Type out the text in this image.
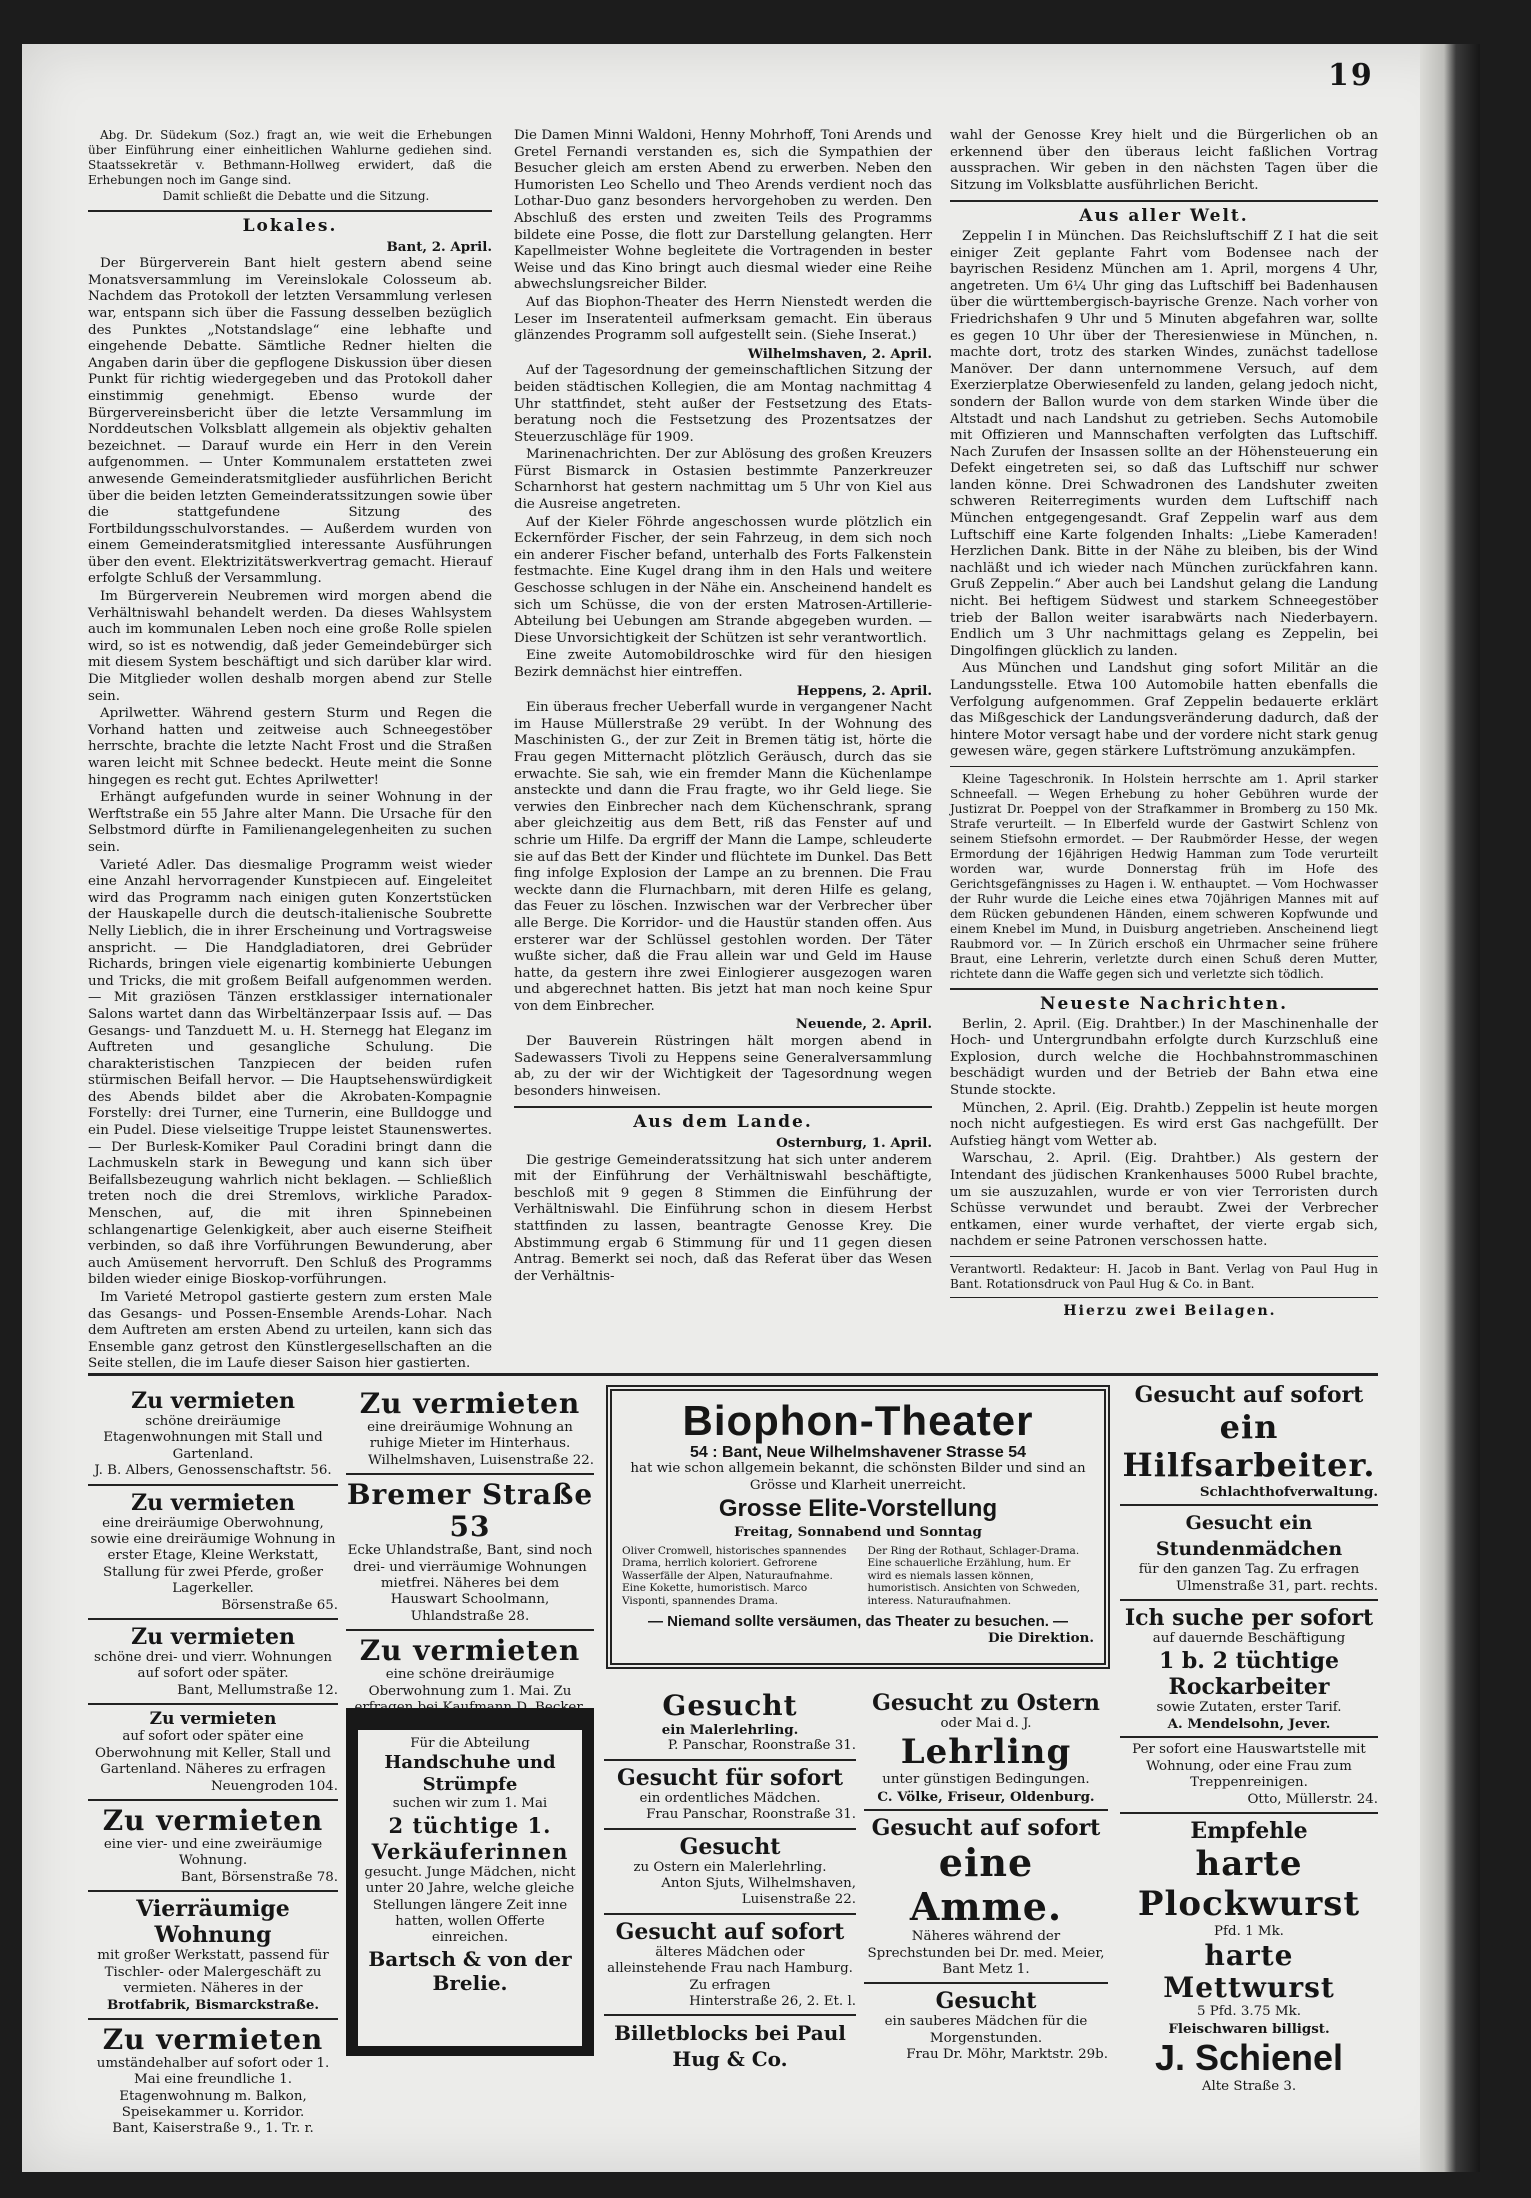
19

Abg. Dr. Südekum (Soz.) fragt an, wie weit die Erhebungen über Einführung einer einheitlichen Wahlurne gediehen sind. Staatssekretär v. Bethmann-Hollweg erwidert, daß die Erhebungen noch im Gange sind.

Damit schließt die Debatte und die Sitzung.

Lokales.

Bant, 2. April.

Der Bürgerverein Bant hielt gestern abend seine Monatsversammlung im Vereinslokale Colosseum ab. Nachdem das Protokoll der letzten Versammlung verlesen war, entspann sich über die Fassung desselben bezüglich des Punktes „Notstandslage“ eine lebhafte und eingehende Debatte. Sämtliche Redner hielten die Angaben darin über die gepflogene Diskussion über diesen Punkt für richtig wiedergegeben und das Protokoll daher einstimmig genehmigt. Ebenso wurde der Bürgervereinsbericht über die letzte Versammlung im Norddeutschen Volksblatt allgemein als objektiv gehalten bezeichnet. — Darauf wurde ein Herr in den Verein aufgenommen. — Unter Kommunalem erstatteten zwei anwesende Gemeinderatsmitglieder ausführlichen Bericht über die beiden letzten Gemeinderatssitzungen sowie über die stattgefundene Sitzung des Fortbildungsschulvorstandes. — Außerdem wurden von einem Gemeinderatsmitglied interessante Ausführungen über den event. Elektrizitätswerkvertrag gemacht. Hierauf erfolgte Schluß der Versammlung.

Im Bürgerverein Neubremen wird morgen abend die Verhältniswahl behandelt werden. Da dieses Wahlsystem auch im kommunalen Leben noch eine große Rolle spielen wird, so ist es notwendig, daß jeder Gemeindebürger sich mit diesem System beschäftigt und sich darüber klar wird. Die Mitglieder wollen deshalb morgen abend zur Stelle sein.

Aprilwetter. Während gestern Sturm und Regen die Vorhand hatten und zeitweise auch Schneegestöber herrschte, brachte die letzte Nacht Frost und die Straßen waren leicht mit Schnee bedeckt. Heute meint die Sonne hingegen es recht gut. Echtes Aprilwetter!

Erhängt aufgefunden wurde in seiner Wohnung in der Werftstraße ein 55 Jahre alter Mann. Die Ursache für den Selbstmord dürfte in Familienangelegenheiten zu suchen sein.

Varieté Adler. Das diesmalige Programm weist wieder eine Anzahl hervorragender Kunstpiecen auf. Eingeleitet wird das Programm nach einigen guten Konzertstücken der Hauskapelle durch die deutsch-italienische Soubrette Nelly Lieblich, die in ihrer Erscheinung und Vortragsweise anspricht. — Die Handgladiatoren, drei Gebrüder Richards, bringen viele eigenartig kombinierte Uebungen und Tricks, die mit großem Beifall aufgenommen werden. — Mit graziösen Tänzen erstklassiger internationaler Salons wartet dann das Wirbeltänzerpaar Issis auf. — Das Gesangs- und Tanzduett M. u. H. Sternegg hat Eleganz im Auftreten und gesangliche Schulung. Die charakteristischen Tanzpiecen der beiden rufen stürmischen Beifall hervor. — Die Hauptsehenswürdigkeit des Abends bildet aber die Akrobaten-Kompagnie Forstelly: drei Turner, eine Turnerin, eine Bulldogge und ein Pudel. Diese vielseitige Truppe leistet Staunenswertes. — Der Burlesk-Komiker Paul Coradini bringt dann die Lachmuskeln stark in Bewegung und kann sich über Beifallsbezeugung wahrlich nicht beklagen. — Schließlich treten noch die drei Stremlovs, wirkliche Paradox-Menschen, auf, die mit ihren Spinnebeinen schlangenartige Gelenkigkeit, aber auch eiserne Steifheit verbinden, so daß ihre Vorführungen Bewunderung, aber auch Amüsement hervorruft. Den Schluß des Programms bilden wieder einige Bioskop-vorführungen.

Im Varieté Metropol gastierte gestern zum ersten Male das Gesangs- und Possen-Ensemble Arends-Lohar. Nach dem Auftreten am ersten Abend zu urteilen, kann sich das Ensemble ganz getrost den Künstlergesellschaften an die Seite stellen, die im Laufe dieser Saison hier gastierten.

Die Damen Minni Waldoni, Henny Mohrhoff, Toni Arends und Gretel Fernandi verstanden es, sich die Sympathien der Besucher gleich am ersten Abend zu erwerben. Neben den Humoristen Leo Schello und Theo Arends verdient noch das Lothar-Duo ganz besonders hervorgehoben zu werden. Den Abschluß des ersten und zweiten Teils des Programms bildete eine Posse, die flott zur Darstellung gelangten. Herr Kapellmeister Wohne begleitete die Vortragenden in bester Weise und das Kino bringt auch diesmal wieder eine Reihe abwechslungsreicher Bilder.

Auf das Biophon-Theater des Herrn Nienstedt werden die Leser im Inseratenteil aufmerksam gemacht. Ein überaus glänzendes Programm soll aufgestellt sein. (Siehe Inserat.)

Wilhelmshaven, 2. April.

Auf der Tagesordnung der gemeinschaftlichen Sitzung der beiden städtischen Kollegien, die am Montag nachmittag 4 Uhr stattfindet, steht außer der Festsetzung des Etats-beratung noch die Festsetzung des Prozentsatzes der Steuerzuschläge für 1909.

Marinenachrichten. Der zur Ablösung des großen Kreuzers Fürst Bismarck in Ostasien bestimmte Panzerkreuzer Scharnhorst hat gestern nachmittag um 5 Uhr von Kiel aus die Ausreise angetreten.

Auf der Kieler Föhrde angeschossen wurde plötzlich ein Eckernförder Fischer, der sein Fahrzeug, in dem sich noch ein anderer Fischer befand, unterhalb des Forts Falkenstein festmachte. Eine Kugel drang ihm in den Hals und weitere Geschosse schlugen in der Nähe ein. Anscheinend handelt es sich um Schüsse, die von der ersten Matrosen-Artillerie-Abteilung bei Uebungen am Strande abgegeben wurden. — Diese Unvorsichtigkeit der Schützen ist sehr verantwortlich.

Eine zweite Automobildroschke wird für den hiesigen Bezirk demnächst hier eintreffen.

Heppens, 2. April.

Ein überaus frecher Ueberfall wurde in vergangener Nacht im Hause Müllerstraße 29 verübt. In der Wohnung des Maschinisten G., der zur Zeit in Bremen tätig ist, hörte die Frau gegen Mitternacht plötzlich Geräusch, durch das sie erwachte. Sie sah, wie ein fremder Mann die Küchenlampe ansteckte und dann die Frau fragte, wo ihr Geld liege. Sie verwies den Einbrecher nach dem Küchenschrank, sprang aber gleichzeitig aus dem Bett, riß das Fenster auf und schrie um Hilfe. Da ergriff der Mann die Lampe, schleuderte sie auf das Bett der Kinder und flüchtete im Dunkel. Das Bett fing infolge Explosion der Lampe an zu brennen. Die Frau weckte dann die Flurnachbarn, mit deren Hilfe es gelang, das Feuer zu löschen. Inzwischen war der Verbrecher über alle Berge. Die Korridor- und die Haustür standen offen. Aus ersterer war der Schlüssel gestohlen worden. Der Täter wußte sicher, daß die Frau allein war und Geld im Hause hatte, da gestern ihre zwei Einlogierer ausgezogen waren und abgerechnet hatten. Bis jetzt hat man noch keine Spur von dem Einbrecher.

Neuende, 2. April.

Der Bauverein Rüstringen hält morgen abend in Sadewassers Tivoli zu Heppens seine Generalversammlung ab, zu der wir der Wichtigkeit der Tagesordnung wegen besonders hinweisen.

Aus dem Lande.

Osternburg, 1. April.

Die gestrige Gemeinderatssitzung hat sich unter anderem mit der Einführung der Verhältniswahl beschäftigte, beschloß mit 9 gegen 8 Stimmen die Einführung der Verhältniswahl. Die Einführung schon in diesem Herbst stattfinden zu lassen, beantragte Genosse Krey. Die Abstimmung ergab 6 Stimmung für und 11 gegen diesen Antrag. Bemerkt sei noch, daß das Referat über das Wesen der Verhältnis-

wahl der Genosse Krey hielt und die Bürgerlichen ob an erkennend über den überaus leicht faßlichen Vortrag aussprachen. Wir geben in den nächsten Tagen über die Sitzung im Volksblatte ausführlichen Bericht.

Aus aller Welt.

Zeppelin I in München. Das Reichsluftschiff Z I hat die seit einiger Zeit geplante Fahrt vom Bodensee nach der bayrischen Residenz München am 1. April, morgens 4 Uhr, angetreten. Um 6¼ Uhr ging das Luftschiff bei Badenhausen über die württembergisch-bayrische Grenze. Nach vorher von Friedrichshafen 9 Uhr und 5 Minuten abgefahren war, sollte es gegen 10 Uhr über der Theresienwiese in München, n. machte dort, trotz des starken Windes, zunächst tadellose Manöver. Der dann unternommene Versuch, auf dem Exerzierplatze Oberwiesenfeld zu landen, gelang jedoch nicht, sondern der Ballon wurde von dem starken Winde über die Altstadt und nach Landshut zu getrieben. Sechs Automobile mit Offizieren und Mannschaften verfolgten das Luftschiff. Nach Zurufen der Insassen sollte an der Höhensteuerung ein Defekt eingetreten sei, so daß das Luftschiff nur schwer landen könne. Drei Schwadronen des Landshuter zweiten schweren Reiterregiments wurden dem Luftschiff nach München entgegengesandt. Graf Zeppelin warf aus dem Luftschiff eine Karte folgenden Inhalts: „Liebe Kameraden! Herzlichen Dank. Bitte in der Nähe zu bleiben, bis der Wind nachläßt und ich wieder nach München zurückfahren kann. Gruß Zeppelin.“ Aber auch bei Landshut gelang die Landung nicht. Bei heftigem Südwest und starkem Schneegestöber trieb der Ballon weiter isarabwärts nach Niederbayern. Endlich um 3 Uhr nachmittags gelang es Zeppelin, bei Dingolfingen glücklich zu landen.

Aus München und Landshut ging sofort Militär an die Landungsstelle. Etwa 100 Automobile hatten ebenfalls die Verfolgung aufgenommen. Graf Zeppelin bedauerte erklärt das Mißgeschick der Landungsveränderung dadurch, daß der hintere Motor versagt habe und der vordere nicht stark genug gewesen wäre, gegen stärkere Luftströmung anzukämpfen.

Kleine Tageschronik. In Holstein herrschte am 1. April starker Schneefall. — Wegen Erhebung zu hoher Gebühren wurde der Justizrat Dr. Poeppel von der Strafkammer in Bromberg zu 150 Mk. Strafe verurteilt. — In Elberfeld wurde der Gastwirt Schlenz von seinem Stiefsohn ermordet. — Der Raubmörder Hesse, der wegen Ermordung der 16jährigen Hedwig Hamman zum Tode verurteilt worden war, wurde Donnerstag früh im Hofe des Gerichtsgefängnisses zu Hagen i. W. enthauptet. — Vom Hochwasser der Ruhr wurde die Leiche eines etwa 70jährigen Mannes mit auf dem Rücken gebundenen Händen, einem schweren Kopfwunde und einem Knebel im Mund, in Duisburg angetrieben. Anscheinend liegt Raubmord vor. — In Zürich erschoß ein Uhrmacher seine frühere Braut, eine Lehrerin, verletzte durch einen Schuß deren Mutter, richtete dann die Waffe gegen sich und verletzte sich tödlich.

Neueste Nachrichten.

Berlin, 2. April. (Eig. Drahtber.) In der Maschinenhalle der Hoch- und Untergrundbahn erfolgte durch Kurzschluß eine Explosion, durch welche die Hochbahnstrommaschinen beschädigt wurden und der Betrieb der Bahn etwa eine Stunde stockte.

München, 2. April. (Eig. Drahtb.) Zeppelin ist heute morgen noch nicht aufgestiegen. Es wird erst Gas nachgefüllt. Der Aufstieg hängt vom Wetter ab.

Warschau, 2. April. (Eig. Drahtber.) Als gestern der Intendant des jüdischen Krankenhauses 5000 Rubel brachte, um sie auszuzahlen, wurde er von vier Terroristen durch Schüsse verwundet und beraubt. Zwei der Verbrecher entkamen, einer wurde verhaftet, der vierte ergab sich, nachdem er seine Patronen verschossen hatte.

Verantwortl. Redakteur: H. Jacob in Bant. Verlag von Paul Hug in Bant. Rotationsdruck von Paul Hug & Co. in Bant.

Hierzu zwei Beilagen.

Zu vermieten
schöne dreiräumige Etagenwohnungen mit Stall und Gartenland.
J. B. Albers, Genossenschaftstr. 56.
Zu vermieten
eine dreiräumige Oberwohnung, sowie eine dreiräumige Wohnung in erster Etage, Kleine Werkstatt, Stallung für zwei Pferde, großer Lagerkeller.
Börsenstraße 65.
Zu vermieten
schöne drei- und vierr. Wohnungen auf sofort oder später.
Bant, Mellumstraße 12.
Zu vermieten
auf sofort oder später eine Oberwohnung mit Keller, Stall und Gartenland. Näheres zu erfragen
Neuengroden 104.
Zu vermieten
eine vier- und eine zweiräumige Wohnung.
Bant, Börsenstraße 78.
Vierräumige Wohnung
mit großer Werkstatt, passend für Tischler- oder Malergeschäft zu vermieten. Näheres in der
Brotfabrik, Bismarckstraße.
Zu vermieten
umständehalber auf sofort oder 1. Mai eine freundliche 1. Etagenwohnung m. Balkon, Speisekammer u. Korridor.
Bant, Kaiserstraße 9., 1. Tr. r.
Zu vermieten
eine dreiräumige Wohnung an ruhige Mieter im Hinterhaus.
Wilhelmshaven, Luisenstraße 22.
Bremer Straße 53
Ecke Uhlandstraße, Bant, sind noch drei- und vierräumige Wohnungen mietfrei. Näheres bei dem Hauswart Schoolmann, Uhlandstraße 28.
Zu vermieten
eine schöne dreiräumige Oberwohnung zum 1. Mai. Zu
Für die Abteilung
Handschuhe und Strümpfe
suchen wir zum 1. Mai
2 tüchtige 1. Verkäuferinnen
gesucht. Junge Mädchen, nicht unter 20 Jahre, welche gleiche Stellungen längere Zeit inne hatten, wollen Offerte einreichen.
Bartsch & von der Brelie.
Biophon-Theater
54 : Bant, Neue Wilhelmshavener Strasse 54
hat wie schon allgemein bekannt, die schönsten Bilder und sind an Grösse und Klarheit unerreicht.
Grosse Elite-Vorstellung
Freitag, Sonnabend und Sonntag
Oliver Cromwell, historisches spannendes Drama, herrlich koloriert. Gefrorene Wasserfälle der Alpen, Naturaufnahme. Eine Kokette, humoristisch. Marco Visponti, spannendes Drama.
Der Ring der Rothaut, Schlager-Drama. Eine schauerliche Erzählung, hum. Er wird es niemals lassen können, humoristisch. Ansichten von Schweden, interess. Naturaufnahmen.
— Niemand sollte versäumen, das Theater zu besuchen. —
Die Direktion.
Gesucht
ein Malerlehrling.
P. Panschar, Roonstraße 31.
Gesucht für sofort
ein ordentliches Mädchen.
Frau Panschar, Roonstraße 31.
Gesucht
zu Ostern ein Malerlehrling.
Anton Sjuts, Wilhelmshaven, Luisenstraße 22.
Gesucht auf sofort
älteres Mädchen oder alleinstehende Frau nach Hamburg. Zu erfragen
Hinterstraße 26, 2. Et. l.
Billetblocks bei Paul Hug & Co.
Gesucht zu Ostern
oder Mai d. J.
Lehrling
unter günstigen Bedingungen.
C. Völke, Friseur, Oldenburg.
Gesucht auf sofort
eine Amme.
Näheres während der Sprechstunden bei Dr. med. Meier, Bant Metz 1.
Gesucht
ein sauberes Mädchen für die Morgenstunden.
Frau Dr. Möhr, Marktstr. 29b.
Gesucht auf sofort
ein Hilfsarbeiter.
Schlachthofverwaltung.
Gesucht ein Stundenmädchen
für den ganzen Tag. Zu erfragen
Ulmenstraße 31, part. rechts.
Ich suche per sofort
auf dauernde Beschäftigung
1 b. 2 tüchtige Rockarbeiter
sowie Zutaten, erster Tarif.
A. Mendelsohn, Jever.
Per sofort eine Hauswartstelle mit Wohnung, oder eine Frau zum Treppenreinigen.
Otto, Müllerstr. 24.
Empfehle
harte Plockwurst
Pfd. 1 Mk.
harte Mettwurst
5 Pfd. 3.75 Mk.
Fleischwaren billigst.
J. Schienel
Alte Straße 3.
